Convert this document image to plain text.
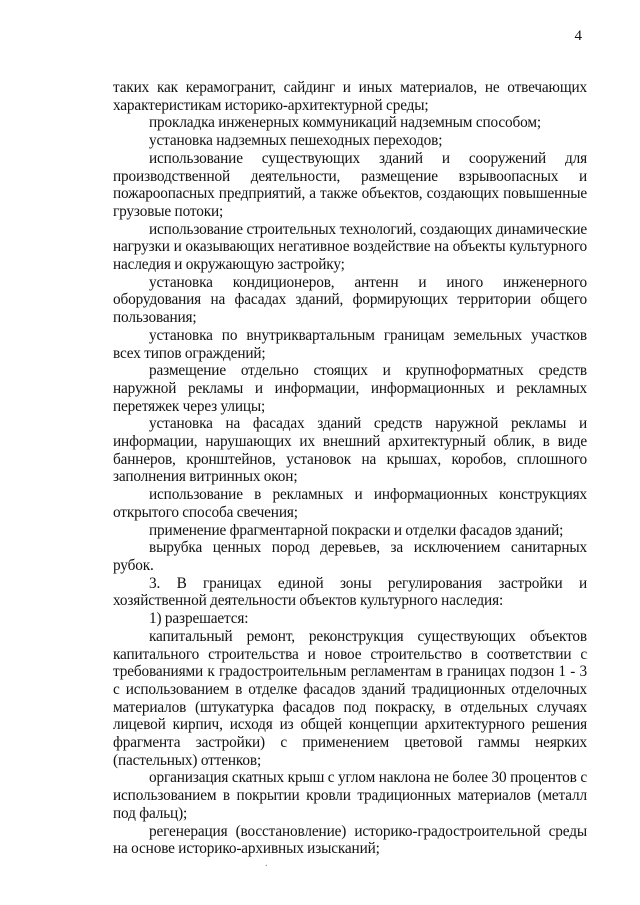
4

таких как керамогранит, сайдинг и иных материалов, не отвечающих характеристикам историко-архитектурной среды;

прокладка инженерных коммуникаций надземным способом;

установка надземных пешеходных переходов;

использование существующих зданий и сооружений для производственной деятельности, размещение взрывоопасных и пожароопасных предприятий, а также объектов, создающих повышенные грузовые потоки;

использование строительных технологий, создающих динамические нагрузки и оказывающих негативное воздействие на объекты культурного наследия и окружающую застройку;

установка кондиционеров, антенн и иного инженерного оборудования на фасадах зданий, формирующих территории общего пользования;

установка по внутриквартальным границам земельных участков всех типов ограждений;

размещение отдельно стоящих и крупноформатных средств наружной рекламы и информации, информационных и рекламных перетяжек через улицы;

установка на фасадах зданий средств наружной рекламы и информации, нарушающих их внешний архитектурный облик, в виде баннеров, кронштейнов, установок на крышах, коробов, сплошного заполнения витринных окон;

использование в рекламных и информационных конструкциях открытого способа свечения;

применение фрагментарной покраски и отделки фасадов зданий;

вырубка ценных пород деревьев, за исключением санитарных рубок.

3. В границах единой зоны регулирования застройки и хозяйственной деятельности объектов культурного наследия:

1) разрешается:

капитальный ремонт, реконструкция существующих объектов капитального строительства и новое строительство в соответствии с требованиями к градостроительным регламентам в границах подзон 1 - 3 с использованием в отделке фасадов зданий традиционных отделочных материалов (штукатурка фасадов под покраску, в отдельных случаях лицевой кирпич, исходя из общей концепции архитектурного решения фрагмента застройки) с применением цветовой гаммы неярких (пастельных) оттенков;

организация скатных крыш с углом наклона не более 30 процентов с использованием в покрытии кровли традиционных материалов (металл под фальц);

регенерация (восстановление) историко-градостроительной среды на основе историко-архивных изысканий;

.
